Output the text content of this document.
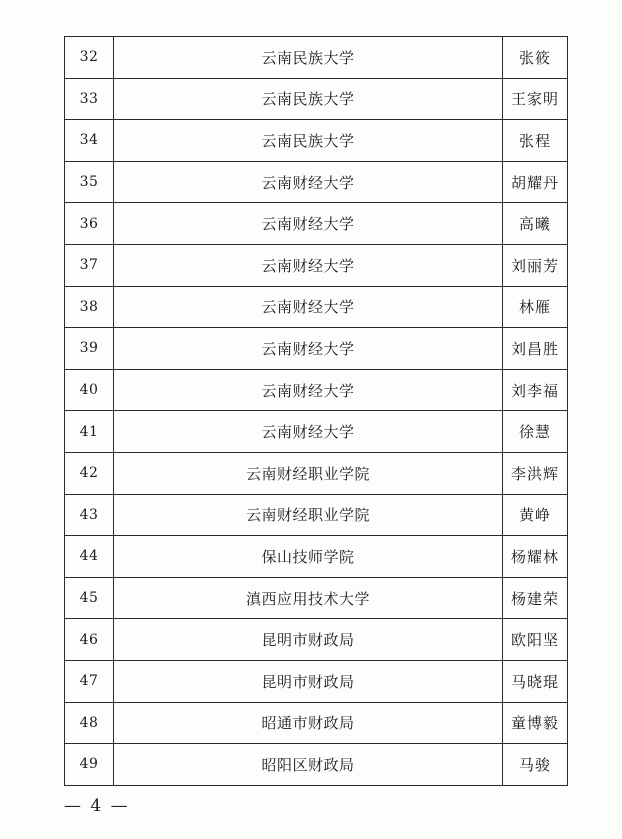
32	云南民族大学	张筱
33	云南民族大学	王家明
34	云南民族大学	张程
35	云南财经大学	胡耀丹
36	云南财经大学	高曦
37	云南财经大学	刘丽芳
38	云南财经大学	林雁
39	云南财经大学	刘昌胜
40	云南财经大学	刘李福
41	云南财经大学	徐慧
42	云南财经职业学院	李洪辉
43	云南财经职业学院	黄峥
44	保山技师学院	杨耀林
45	滇西应用技术大学	杨建荣
46	昆明市财政局	欧阳坚
47	昆明市财政局	马晓琨
48	昭通市财政局	童博毅
49	昭阳区财政局	马骏
— 4 —
